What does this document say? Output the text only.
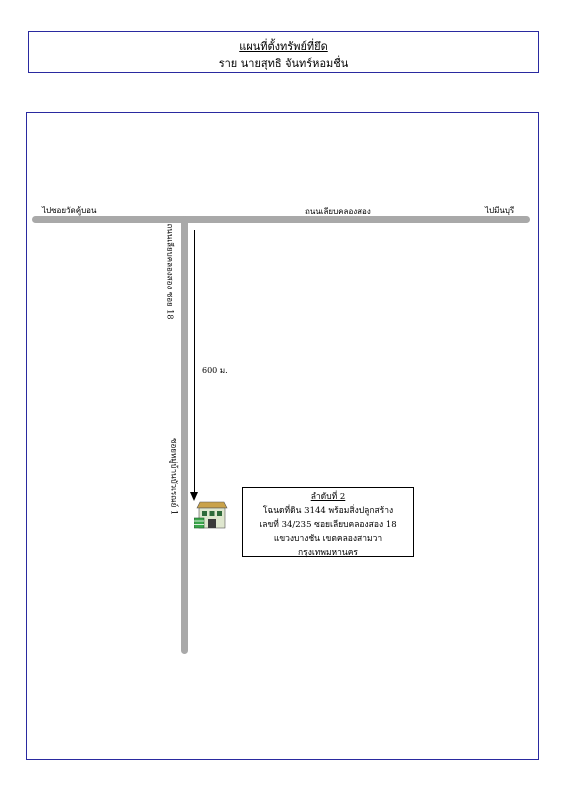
แผนที่ตั้งทรัพย์ที่ยึด
ราย นายสุทธิ จันทร์หอมชื่น
ไปซอยวัดคู้บอน	ถนนเลียบคลองสอง	ไปมีนบุรี
ถนนเลียบคลองสอง ซอย 18
ซอยหมู่บ้านบัวเรณย์ 1
600 ม.
ลำดับที่ 2
โฉนดที่ดิน 3144 พร้อมสิ่งปลูกสร้าง
เลขที่ 34/235 ซอยเลียบคลองสอง 18
แขวงบางชัน เขตคลองสามวา กรุงเทพมหานคร
